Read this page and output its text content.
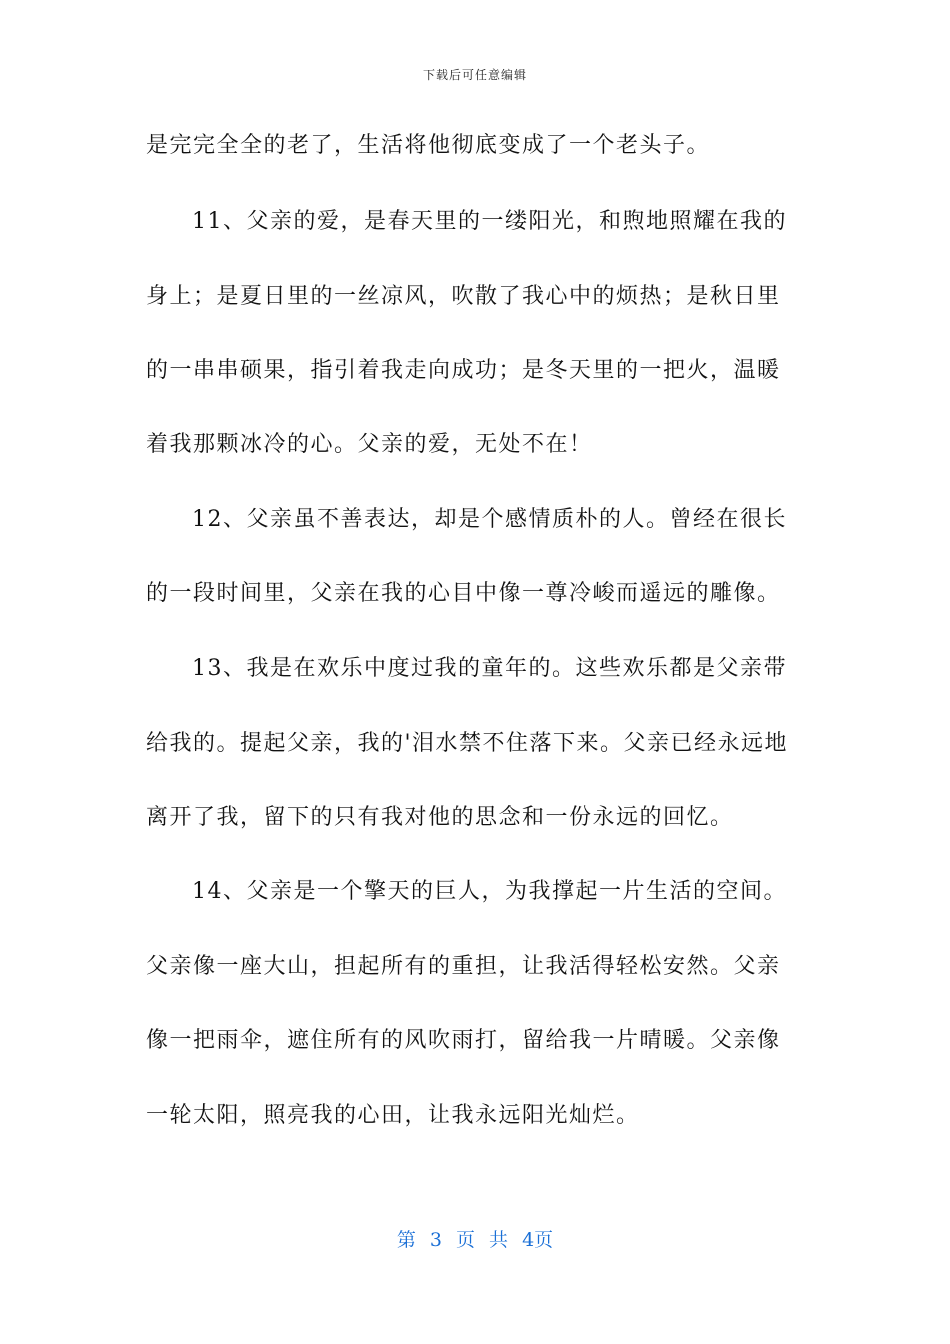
下载后可任意编辑
是完完全全的老了，生活将他彻底变成了一个老头子。
11、父亲的爱，是春天里的一缕阳光，和煦地照耀在我的
身上；是夏日里的一丝凉风，吹散了我心中的烦热；是秋日里
的一串串硕果，指引着我走向成功；是冬天里的一把火，温暖
着我那颗冰冷的心。父亲的爱，无处不在！
12、父亲虽不善表达，却是个感情质朴的人。曾经在很长
的一段时间里，父亲在我的心目中像一尊冷峻而遥远的雕像。
13、我是在欢乐中度过我的童年的。这些欢乐都是父亲带
给我的。提起父亲，我的'泪水禁不住落下来。父亲已经永远地
离开了我，留下的只有我对他的思念和一份永远的回忆。
14、父亲是一个擎天的巨人，为我撑起一片生活的空间。
父亲像一座大山，担起所有的重担，让我活得轻松安然。父亲
像一把雨伞，遮住所有的风吹雨打，留给我一片晴暖。父亲像
一轮太阳，照亮我的心田，让我永远阳光灿烂。
第 3 页 共 4页
